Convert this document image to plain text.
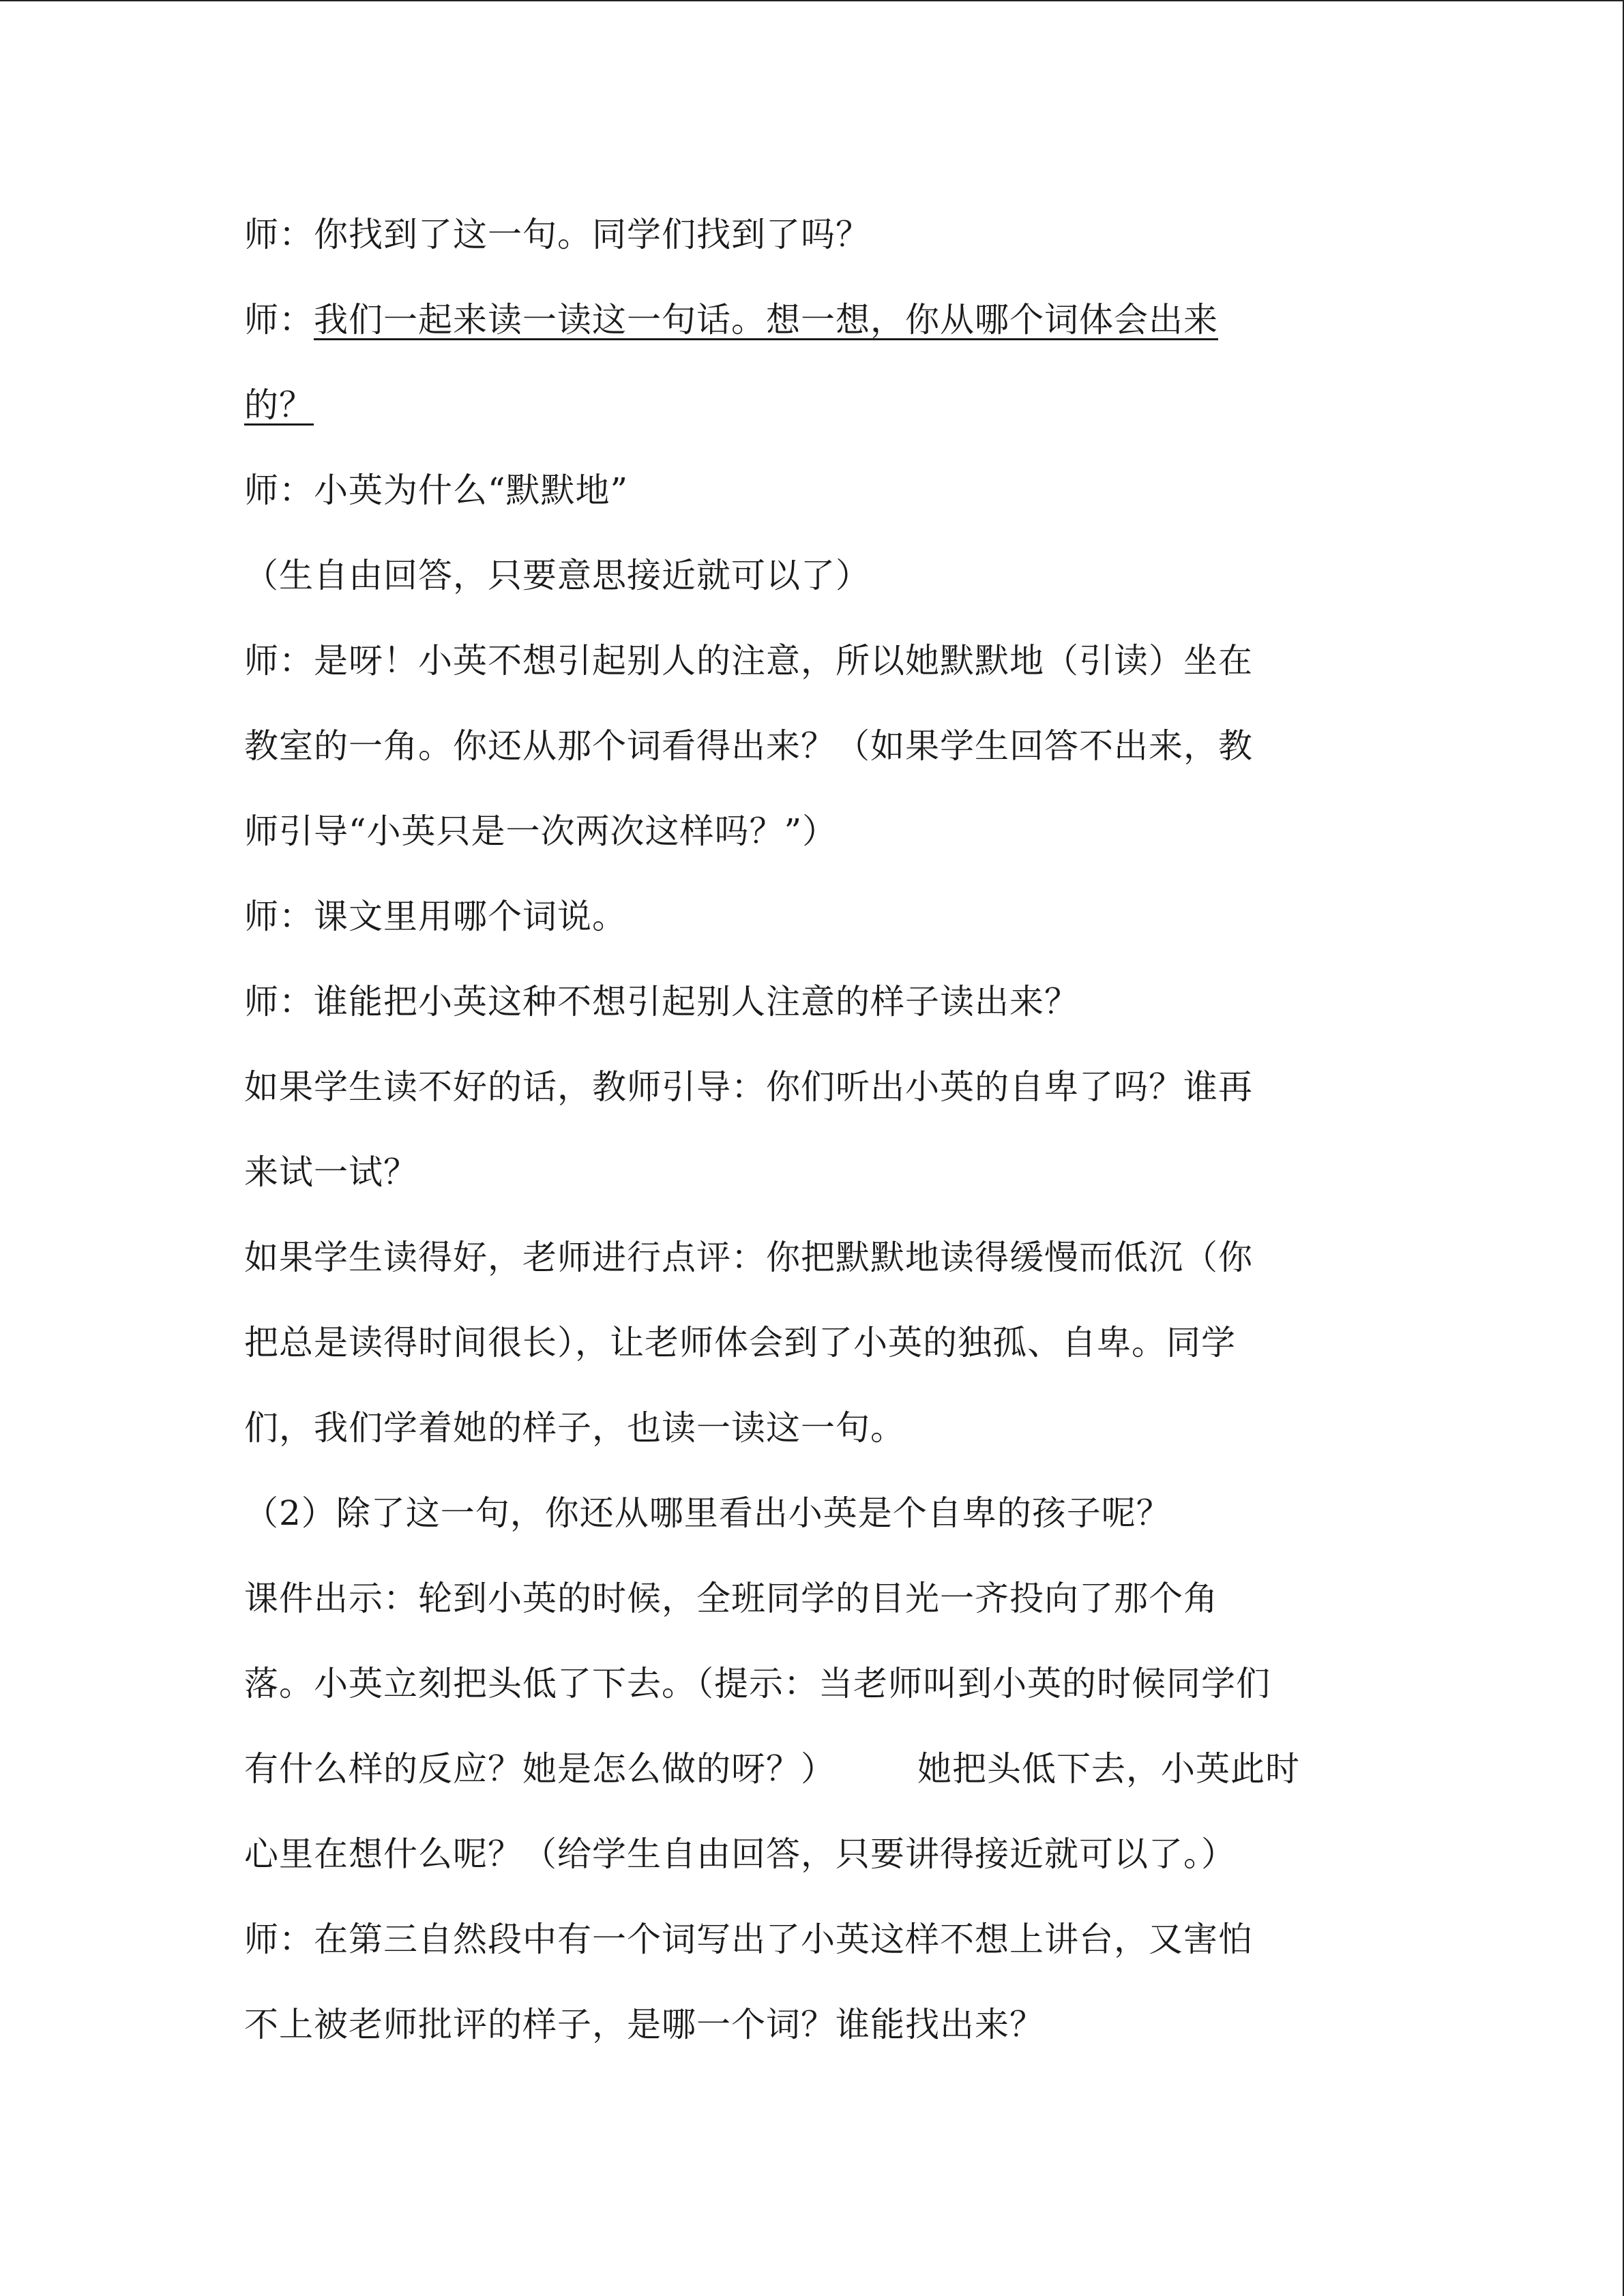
师：你找到了这一句。同学们找到了吗？
师：我们一起来读一读这一句话。想一想，你从哪个词体会出来
的？
师：小英为什么“默默地”
（生自由回答，只要意思接近就可以了）
师：是呀！小英不想引起别人的注意，所以她默默地（引读）坐在
教室的一角。你还从那个词看得出来？（如果学生回答不出来，教
师引导“小英只是一次两次这样吗？”）
师：课文里用哪个词说。
师：谁能把小英这种不想引起别人注意的样子读出来？
如果学生读不好的话，教师引导：你们听出小英的自卑了吗？谁再
来试一试？
如果学生读得好，老师进行点评：你把默默地读得缓慢而低沉（你
把总是读得时间很长），让老师体会到了小英的独孤、自卑。同学
们，我们学着她的样子，也读一读这一句。
（2）除了这一句，你还从哪里看出小英是个自卑的孩子呢？
课件出示：轮到小英的时候，全班同学的目光一齐投向了那个角
落。小英立刻把头低了下去。（提示：当老师叫到小英的时候同学们
有什么样的反应？她是怎么做的呀？） 她把头低下去，小英此时
心里在想什么呢？（给学生自由回答，只要讲得接近就可以了。）
师：在第三自然段中有一个词写出了小英这样不想上讲台，又害怕
不上被老师批评的样子，是哪一个词？谁能找出来？
